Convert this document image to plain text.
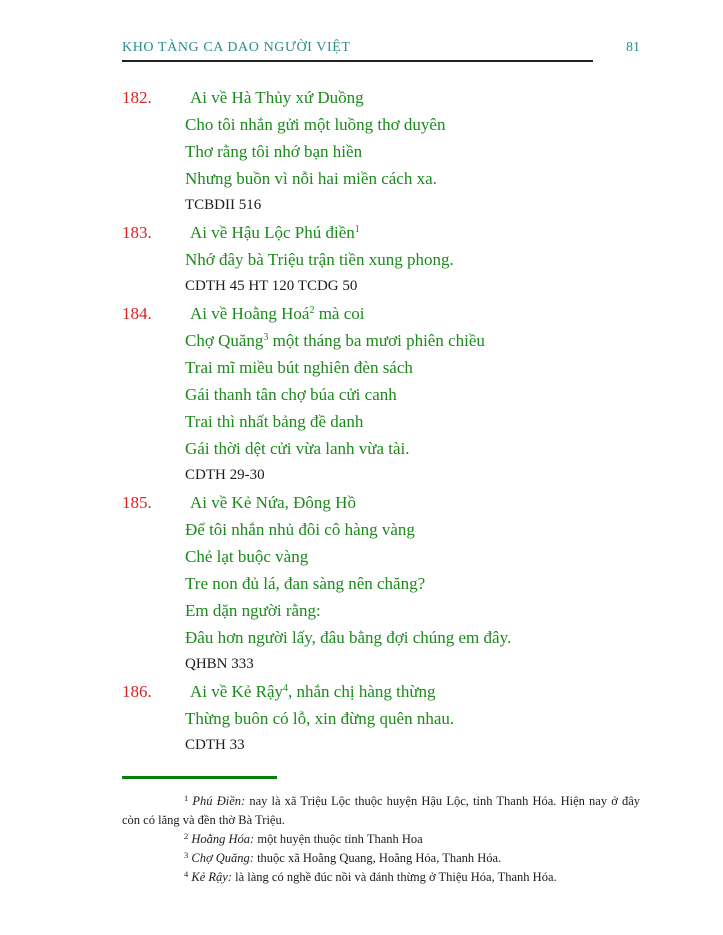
KHO TÀNG CA DAO NGƯỜI VIỆT	81
182.	Ai về Hà Thủy xứ Duồng
Cho tôi nhắn gửi một luồng thơ duyên
Thơ rằng tôi nhớ bạn hiền
Nhưng buồn vì nỗi hai miền cách xa.
TCBDII 516
183.	Ai về Hậu Lộc Phú điền$^1$
Nhớ đây bà Triệu trận tiền xung phong.
CDTH 45 HT 120 TCDG 50
184.	Ai về Hoằng Hoá$^2$ mà coi
Chợ Quăng$^3$ một tháng ba mươi phiên chiều
Trai mĩ miều bút nghiên đèn sách
Gái thanh tân chợ búa cửi canh
Trai thì nhất bảng đề danh
Gái thời dệt cửi vừa lanh vừa tài.
CDTH 29-30
185.	Ai về Kẻ Nứa, Đông Hồ
Để tôi nhắn nhủ đôi cô hàng vàng
Chẻ lạt buộc vàng
Tre non đủ lá, đan sàng nên chăng?
Em dặn người rằng:
Đâu hơn người lấy, đâu bằng đợi chúng em đây.
QHBN 333
186.	Ai về Kẻ Rậy$^4$, nhắn chị hàng thừng
Thừng buôn có lỗ, xin đừng quên nhau.
CDTH 33
$^1$ Phú Điền: nay là xã Triệu Lộc thuộc huyện Hậu Lộc, tỉnh Thanh Hóa. Hiện nay ở đây còn có lăng và đền thờ Bà Triệu.
$^2$ Hoằng Hóa: một huyện thuộc tỉnh Thanh Hoa
$^3$ Chợ Quăng: thuộc xã Hoằng Quang, Hoằng Hóa, Thanh Hóa.
$^4$ Kẻ Rậy: là làng có nghề đúc nồi và đánh thừng ở Thiệu Hóa, Thanh Hóa.
